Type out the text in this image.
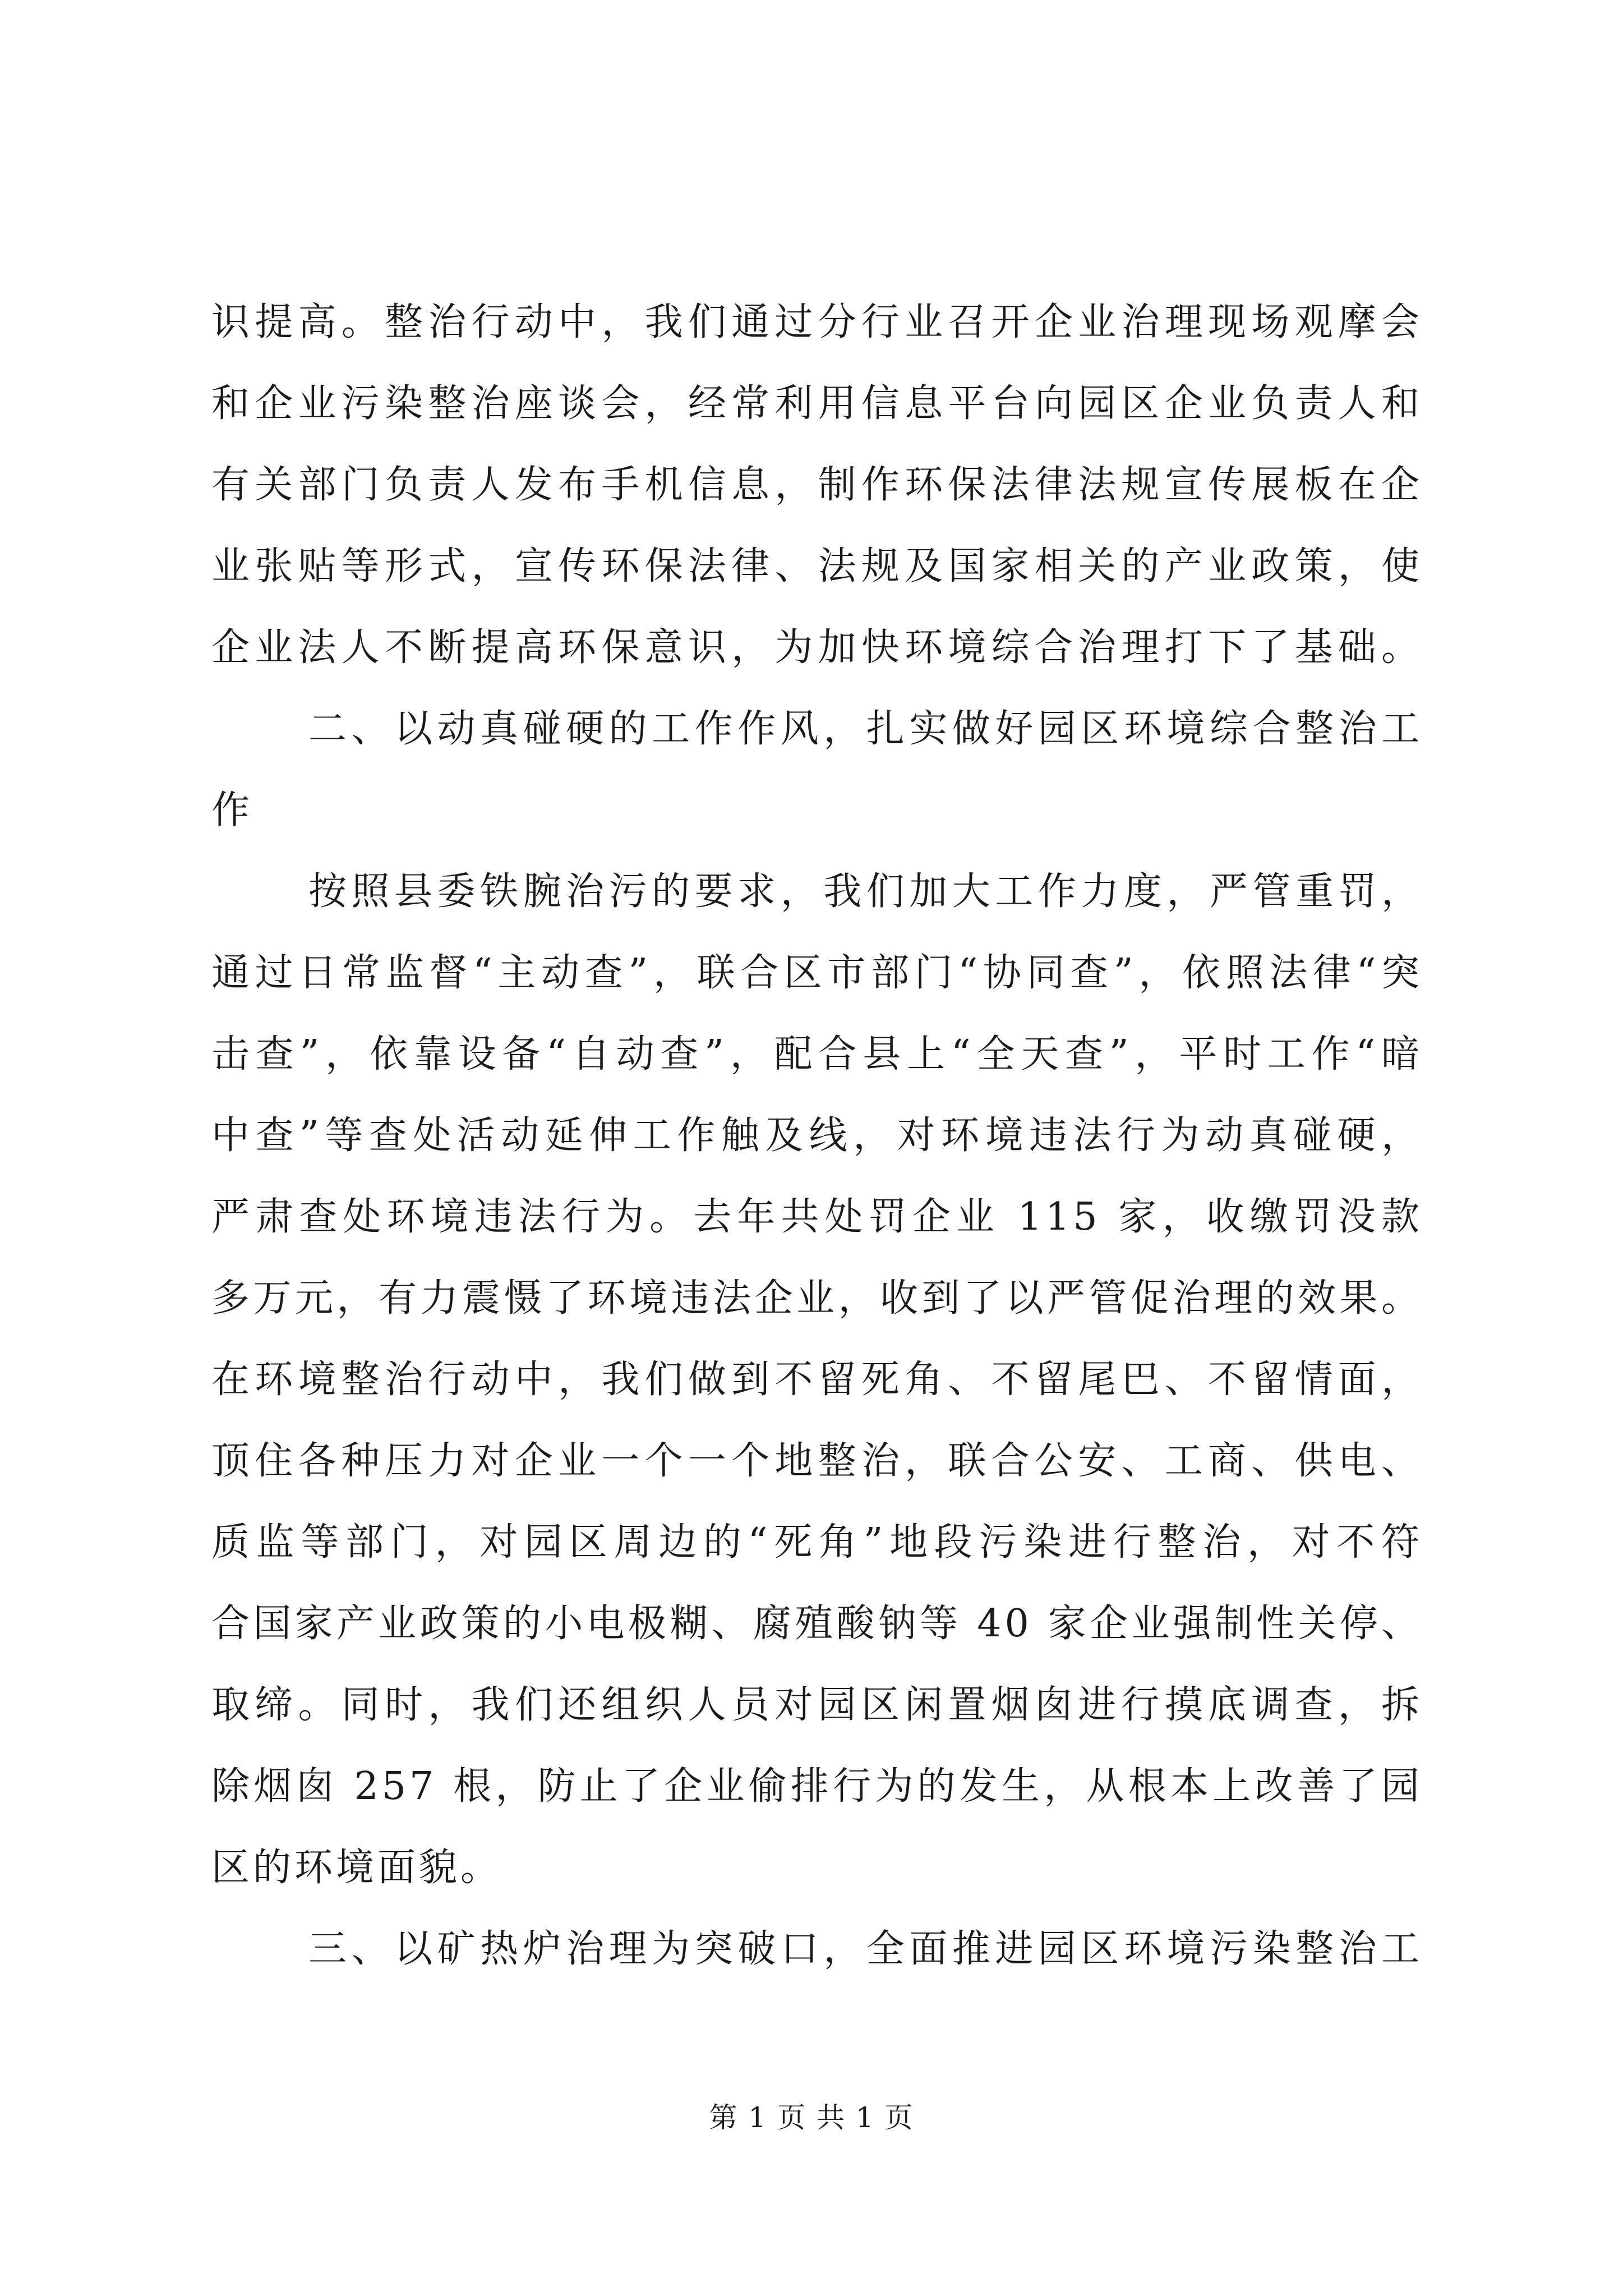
识提高。整治行动中，我们通过分行业召开企业治理现场观摩会
和企业污染整治座谈会，经常利用信息平台向园区企业负责人和
有关部门负责人发布手机信息，制作环保法律法规宣传展板在企
业张贴等形式，宣传环保法律、法规及国家相关的产业政策，使
企业法人不断提高环保意识，为加快环境综合治理打下了基础。
二、以动真碰硬的工作作风，扎实做好园区环境综合整治工
作
按照县委铁腕治污的要求，我们加大工作力度，严管重罚，
通过日常监督“主动查”，联合区市部门“协同查”，依照法律“突
击查”，依靠设备“自动查”，配合县上“全天查”，平时工作“暗
中查”等查处活动延伸工作触及线，对环境违法行为动真碰硬，
严肃查处环境违法行为。去年共处罚企业 115 家，收缴罚没款
多万元，有力震慑了环境违法企业，收到了以严管促治理的效果。
在环境整治行动中，我们做到不留死角、不留尾巴、不留情面，
顶住各种压力对企业一个一个地整治，联合公安、工商、供电、
质监等部门，对园区周边的“死角”地段污染进行整治，对不符
合国家产业政策的小电极糊、腐殖酸钠等 40 家企业强制性关停、
取缔。同时，我们还组织人员对园区闲置烟囱进行摸底调查，拆
除烟囱 257 根，防止了企业偷排行为的发生，从根本上改善了园
区的环境面貌。
三、以矿热炉治理为突破口，全面推进园区环境污染整治工
第 1 页 共 1 页
